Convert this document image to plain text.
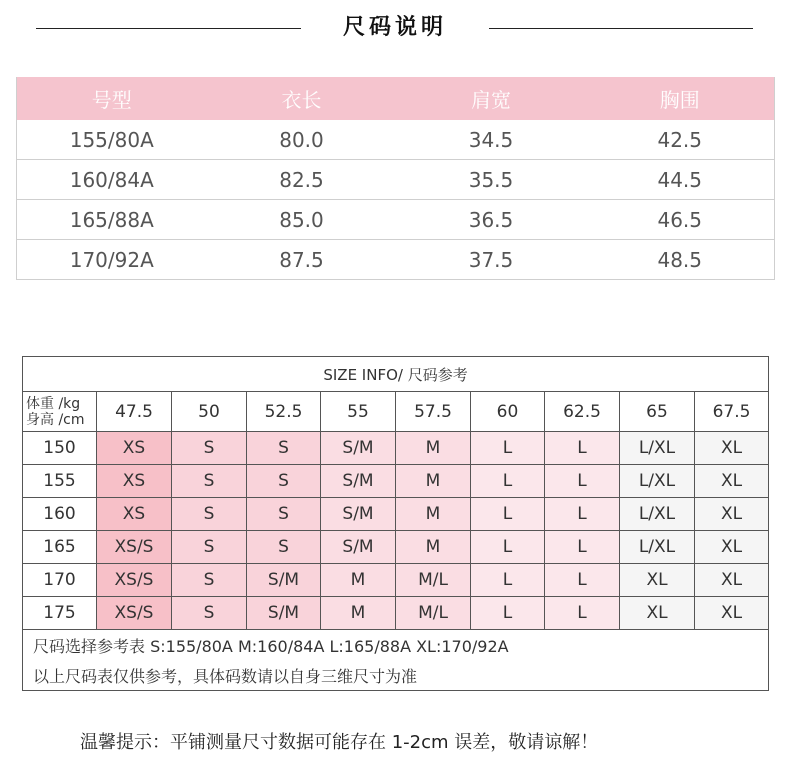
尺码说明
号型	衣长	肩宽	胸围
155/80A	80.0	34.5	42.5
160/84A	82.5	35.5	44.5
165/88A	85.0	36.5	46.5
170/92A	87.5	37.5	48.5
SIZE INFO/ 尺码参考									

体重 /kg
身高 /cm	47.5	50	52.5	55	57.5	60	62.5	65	67.5
150	XS	S	S	S/M	M	L	L	L/XL	XL
155	XS	S	S	S/M	M	L	L	L/XL	XL
160	XS	S	S	S/M	M	L	L	L/XL	XL
165	XS/S	S	S	S/M	M	L	L	L/XL	XL
170	XS/S	S	S/M	M	M/L	L	L	XL	XL
175	XS/S	S	S/M	M	M/L	L	L	XL	XL
尺码选择参考表 S:155/80A M:160/84A L:165/88A XL:170/92A									
以上尺码表仅供参考，具体码数请以自身三维尺寸为准									
温馨提示：平铺测量尺寸数据可能存在 1-2cm 误差，敬请谅解！
